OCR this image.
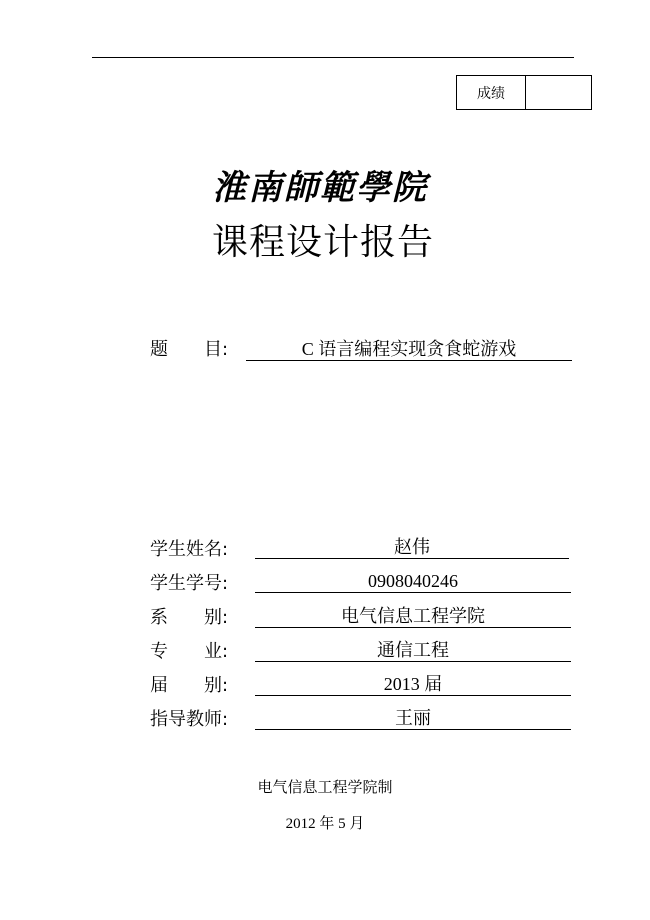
成绩
淮南師範學院
课程设计报告
题　　目:	C 语言编程实现贪食蛇游戏
学生姓名:	赵伟
学生学号:	0908040246
系　　别:	电气信息工程学院
专　　业:	通信工程
届　　别:	2013 届
指导教师:	王丽
电气信息工程学院制
2012 年 5 月
